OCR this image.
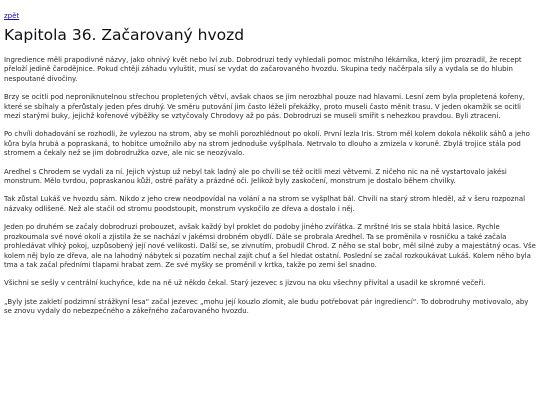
zpět
Kapitola 36. Začarovaný hvozd

Ingredience měli prapodivné názvy, jako ohnivý květ nebo lví zub. Dobrodruzi tedy vyhledali pomoc místního lékárníka, který jim prozradil, že recept přeloží jedině čarodějnice. Pokud chtějí záhadu vyluštit, musí se vydat do začarovaného hvozdu. Skupina tedy nače̓rpala síly a vydala se do hlubin nespoutané divočiny.

Brzy se ocitli pod neproniknutelnou střechou propletených větví, avšak chaos se jim nerozbhal pouze nad hlavami. Lesní zem byla propletená kořeny, které se sbíhaly a přerůstaly jeden přes druhý. Ve směru putování jim často léželi překážky, proto museli často měnit trasu. V jeden okamžik se ocitli mezi starými buky, jejichž kořenové výběžky se vztyčovaly Chrodovy až po pás. Dobrodruzi se museli smířit s nehezkou pravdou. Byli ztraceni.

Po chvíli dohadování se rozhodli, že vylezou na strom, aby se mohli porozhlédnout po okolí. První lezla Iris. Strom měl kolem dokola několik sáhů a jeho kůra byla hrubá a popraskaná, to hobitce umožnilo aby na strom jednoduše vyšplhala. Netrvalo to dlouho a zmizela v koruně. Zbylá trojice stála pod stromem a čekaly než se jim dobrodružka ozve, ale nic se neozývalo.

Aredhel s Chrodem se vydali za ní. Jejich výstup už nebyl tak ladný ale po chvíli se též ocitli mezi větvemi. Z ničeho nic na ně vystartovalo jakési monstrum. Mělo tvrdou, popraskanou kůži, ostré pařáty a prázdné oči. Jelikož byly zaskočení, monstrum je dostalo během chvilky.

Tak zůstal Lukáš ve hvozdu sám. Nikdo z jeho crew neodpovídal na volání a na strom se vyšplhat bál. Chvíli na starý strom hleděl, až v šeru rozpoznal názvaky odlišené. Než ale stačil od stromu poodstoupit, monstrum vyskočilo ze dřeva a dostalo i něj.

Jeden po druhém se začaly dobrodruzi probouzet, avšak každý byl proklet do podoby jiného zvířátka. Z mrštné Iris se stala hbitá lasice. Rychle prozkoumala své nové okolí a zjistila že se nachází v jakémsi drobném obydlí. Dále se probrala Aredhel. Ta se proměnila v rosničku a také začala prohledávat vlhký pokoj, uzpůsobený její nové velikosti. Další se, se zivnutím, probudil Chrod. Z něho se stal bobr, měl silné zuby a majestátný ocas. Vše kolem něj bylo ze dřeva, ale na lahodný nábytek si pozatím nechal zajít chuť a šel hledat ostatní. Poslední se začal rozkoukávat Lukáš. Kolem něho byla tma a tak začal předními tlapami hrabat zem. Ze své myšky se proměnil v krtka, takže po zemi šel snadno.

Všichni se sešly v centrální kuchyňce, kde na ně už někdo čekal. Starý jezevec s jizvou na oku všechny přivítal a usadil ke skromné večeři.

„Byly jste zakletí podzimní strážkyní lesa“ začal jezevec „mohu její kouzlo zlomit, ale budu potřebovat pár ingrediencí“. To dobrodruhy motivovalo, aby se znovu vydaly do nebezpečného a zákeřného začarovaného hvozdu.
